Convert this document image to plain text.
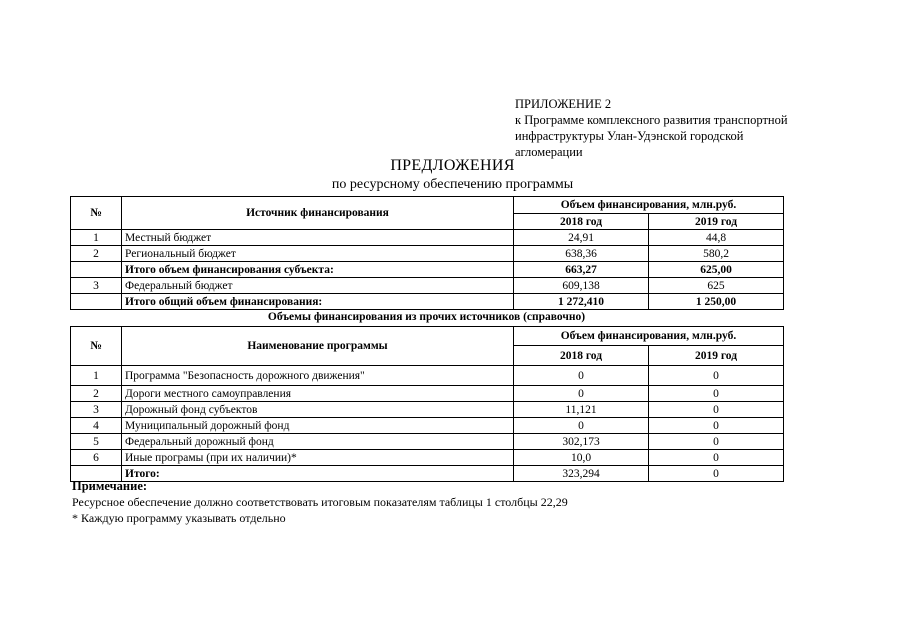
ПРИЛОЖЕНИЕ 2
к Программе комплексного развития транспортной
инфраструктуры Улан-Удэнской городской
агломерации
ПРЕДЛОЖЕНИЯ
по ресурсному обеспечению программы
№	Источник финансирования	Объем финансирования, млн.руб.	
		2018 год	2019 год
1	Местный бюджет	24,91	44,8
2	Региональный бюджет	638,36	580,2
	Итого объем финансирования субъекта:	663,27	625,00
3	Федеральный бюджет	609,138	625
	Итого общий объем финансирования:	1 272,410	1 250,00
Объемы финансирования из прочих источников (справочно)
№	Наименование программы	Объем финансирования, млн.руб.	
		2018 год	2019 год
1	Программа "Безопасность дорожного движения"	0	0
2	Дороги местного самоуправления	0	0
3	Дорожный фонд субъектов	11,121	0
4	Муниципальный дорожный фонд	0	0
5	Федеральный дорожный фонд	302,173	0
6	Иные програмы (при их наличии)*	10,0	0
	Итого:	323,294	0
Примечание:
Ресурсное обеспечение должно соответствовать итоговым показателям таблицы 1 столбцы 22,29
* Каждую программу указывать отдельно
